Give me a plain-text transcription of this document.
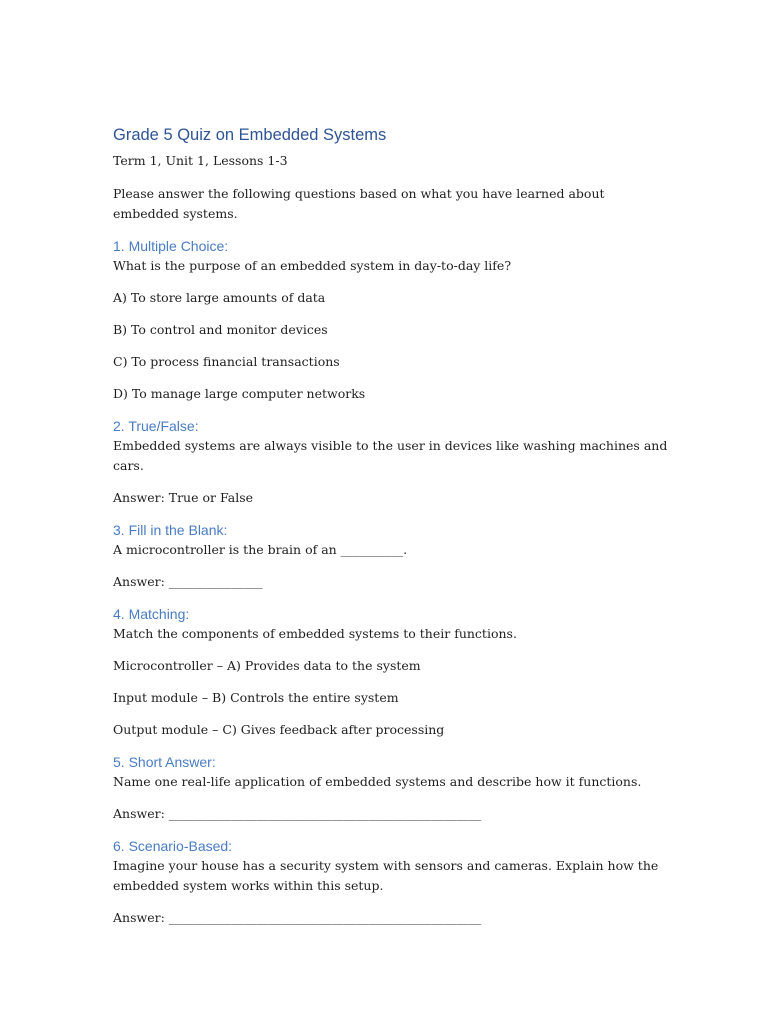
Grade 5 Quiz on Embedded Systems

Term 1, Unit 1, Lessons 1-3

Please answer the following questions based on what you have learned about embedded systems.

1. Multiple Choice:

What is the purpose of an embedded system in day-to-day life?

A) To store large amounts of data

B) To control and monitor devices

C) To process financial transactions

D) To manage large computer networks

2. True/False:

Embedded systems are always visible to the user in devices like washing machines and cars.

Answer: True or False

3. Fill in the Blank:

A microcontroller is the brain of an __________.

Answer: _______________

4. Matching:

Match the components of embedded systems to their functions.

Microcontroller – A) Provides data to the system

Input module – B) Controls the entire system

Output module – C) Gives feedback after processing

5. Short Answer:

Name one real-life application of embedded systems and describe how it functions.

Answer: __________________________________________________

6. Scenario-Based:

Imagine your house has a security system with sensors and cameras. Explain how the embedded system works within this setup.

Answer: __________________________________________________
